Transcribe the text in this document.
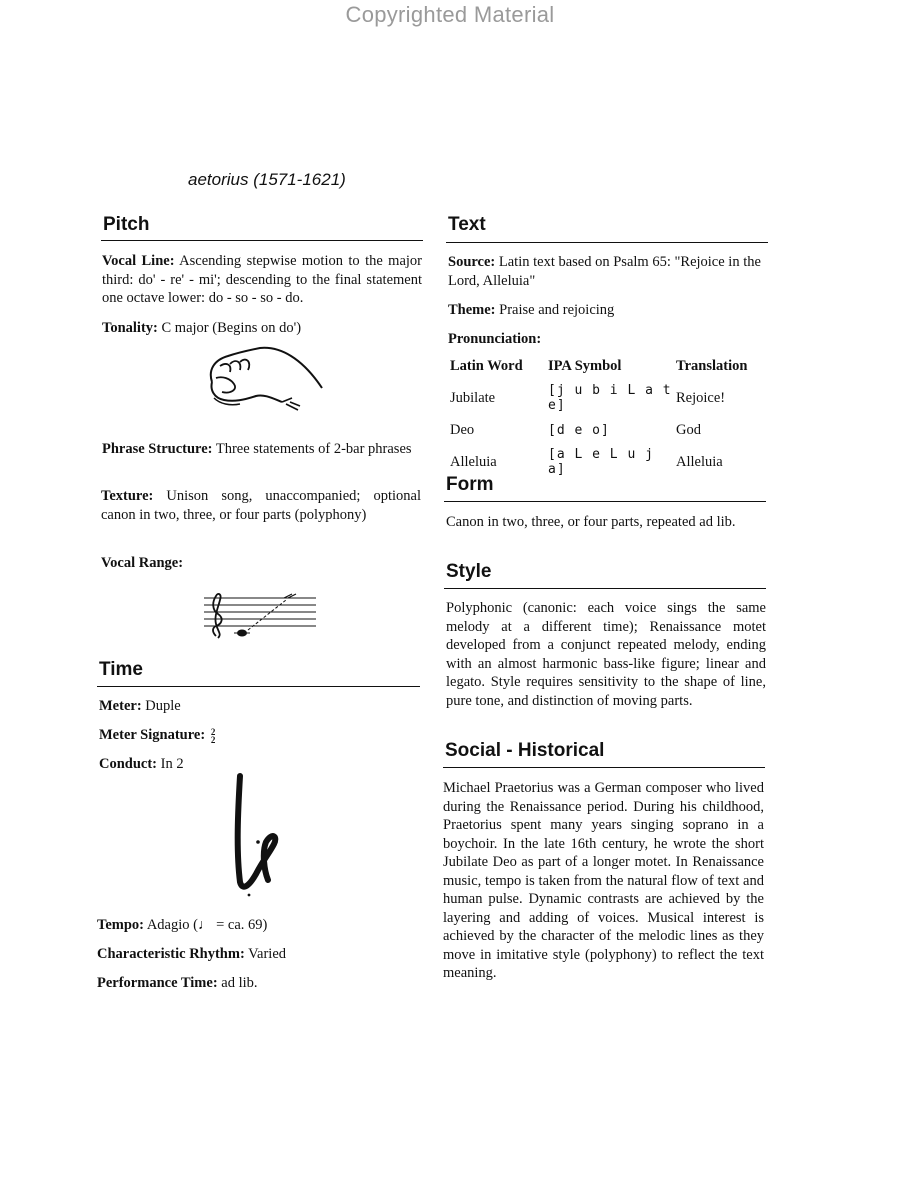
Copyrighted Material
aetorius (1571-1621)
Pitch
Vocal Line: Ascending stepwise motion to the major third: do' - re' - mi'; descending to the final statement one octave lower: do - so - so - do.
Tonality: C major (Begins on do')
Phrase Structure: Three statements of 2-bar phrases
Texture: Unison song, unaccompanied; optional canon in two, three, or four parts (polyphony)
Vocal Range:
Time
Meter: Duple
Meter Signature: 2
2
Conduct: In 2
Tempo: Adagio (♩ = ca. 69)
Characteristic Rhythm: Varied
Performance Time: ad lib.
Text
Source: Latin text based on Psalm 65: "Rejoice in the Lord, Alleluia"
Theme: Praise and rejoicing
Pronunciation:
Latin Word	IPA Symbol	Translation
Jubilate	[j u b i L a t e]	Rejoice!
Deo	[d e o]	God
Alleluia	[a L e L u j a]	Alleluia
Form
Canon in two, three, or four parts, repeated ad lib.
Style
Polyphonic (canonic: each voice sings the same melody at a different time); Renaissance motet developed from a conjunct repeated melody, ending with an almost harmonic bass-like figure; linear and legato. Style requires sensitivity to the shape of line, pure tone, and distinction of moving parts.
Social - Historical
Michael Praetorius was a German composer who lived during the Renaissance period. During his childhood, Praetorius spent many years singing soprano in a boychoir. In the late 16th century, he wrote the short Jubilate Deo as part of a longer motet. In Renaissance music, tempo is taken from the natural flow of text and human pulse. Dynamic contrasts are achieved by the layering and adding of voices. Musical interest is achieved by the character of the melodic lines as they move in imitative style (polyphony) to reflect the text meaning.
